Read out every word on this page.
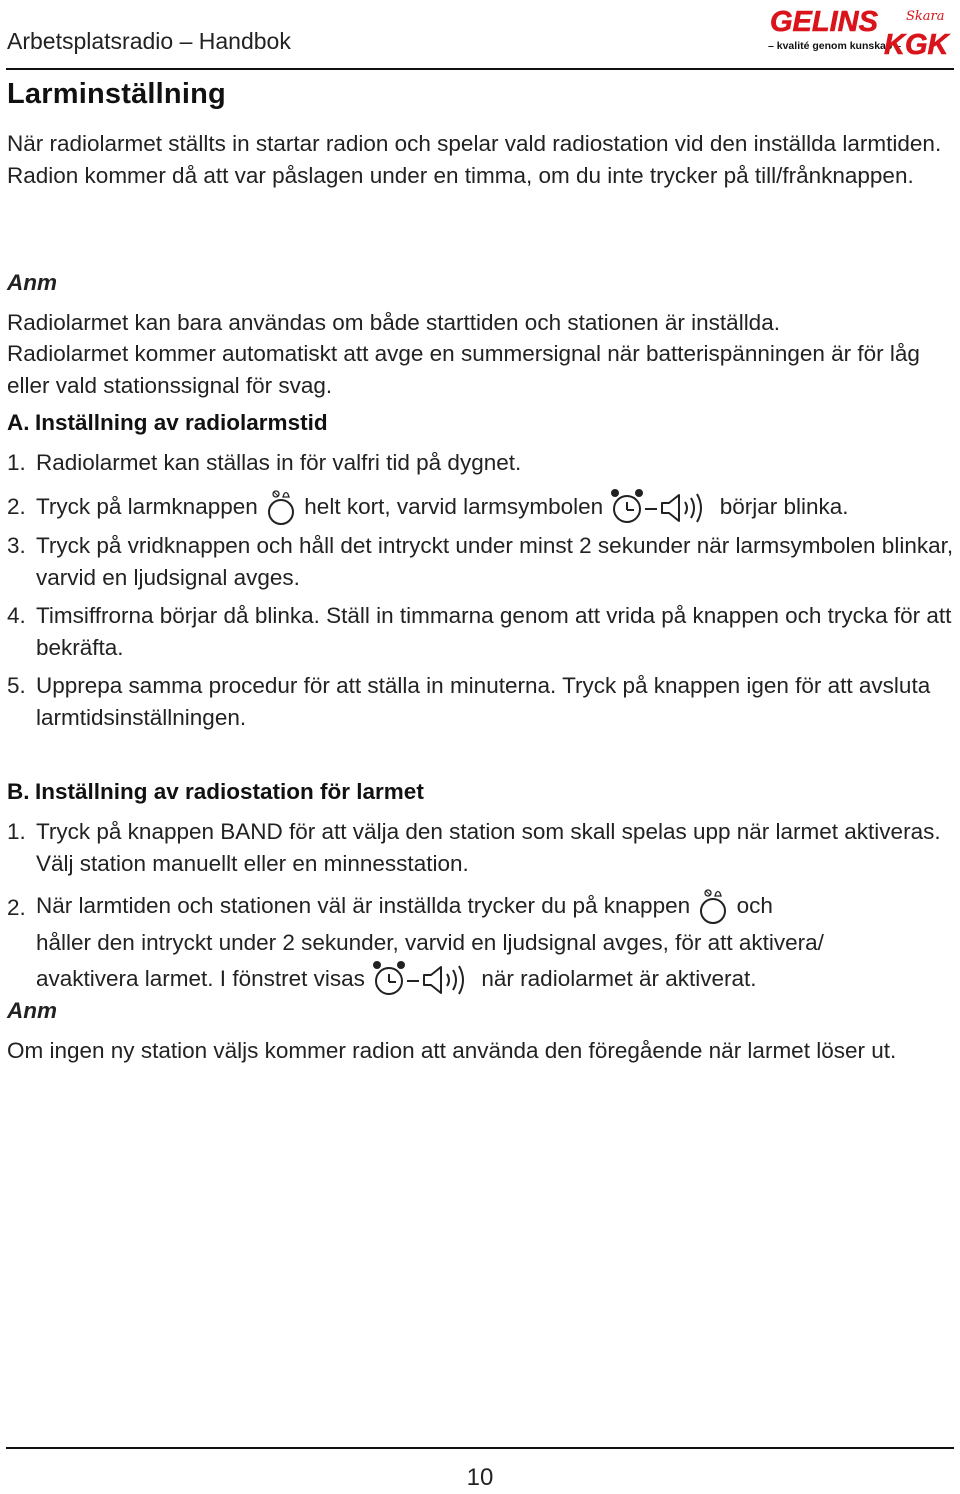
Arbetsplatsradio – Handbok
GELINS Skara
– kvalité genom kunskap –
KGK
Larminställning
När radiolarmet ställts in startar radion och spelar vald radiostation vid den inställda larmtiden. Radion kommer då att var påslagen under en timma, om du inte trycker på till/frånknappen.
Anm
Radiolarmet kan bara användas om både starttiden och stationen är inställda.
Radiolarmet kommer automatiskt att avge en summersignal när batterispänningen är för låg eller vald stationssignal för svag.
A. Inställning av radiolarmstid
1. Radiolarmet kan ställas in för valfri tid på dygnet.
2. Tryck på larmknappen helt kort, varvid larmsymbolen	börjar blinka.
3. Tryck på vridknappen och håll det intryckt under minst 2 sekunder när larmsymbolen blinkar, varvid en ljudsignal avges.
4. Timsiffrorna börjar då blinka. Ställ in timmarna genom att vrida på knappen och trycka för att bekräfta.
5. Upprepa samma procedur för att ställa in minuterna. Tryck på knappen igen för att avsluta larmtidsinställningen.
B. Inställning av radiostation för larmet
1. Tryck på knappen BAND för att välja den station som skall spelas upp när larmet aktiveras. Välj station manuellt eller en minnesstation.
2. När larmtiden och stationen väl är inställda trycker du på knappen och
håller den intryckt under 2 sekunder, varvid en ljudsignal avges, för att aktivera/
avaktivera larmet. I fönstret visas	när radiolarmet är aktiverat.
Anm
Om ingen ny station väljs kommer radion att använda den föregående när larmet löser ut.
10
